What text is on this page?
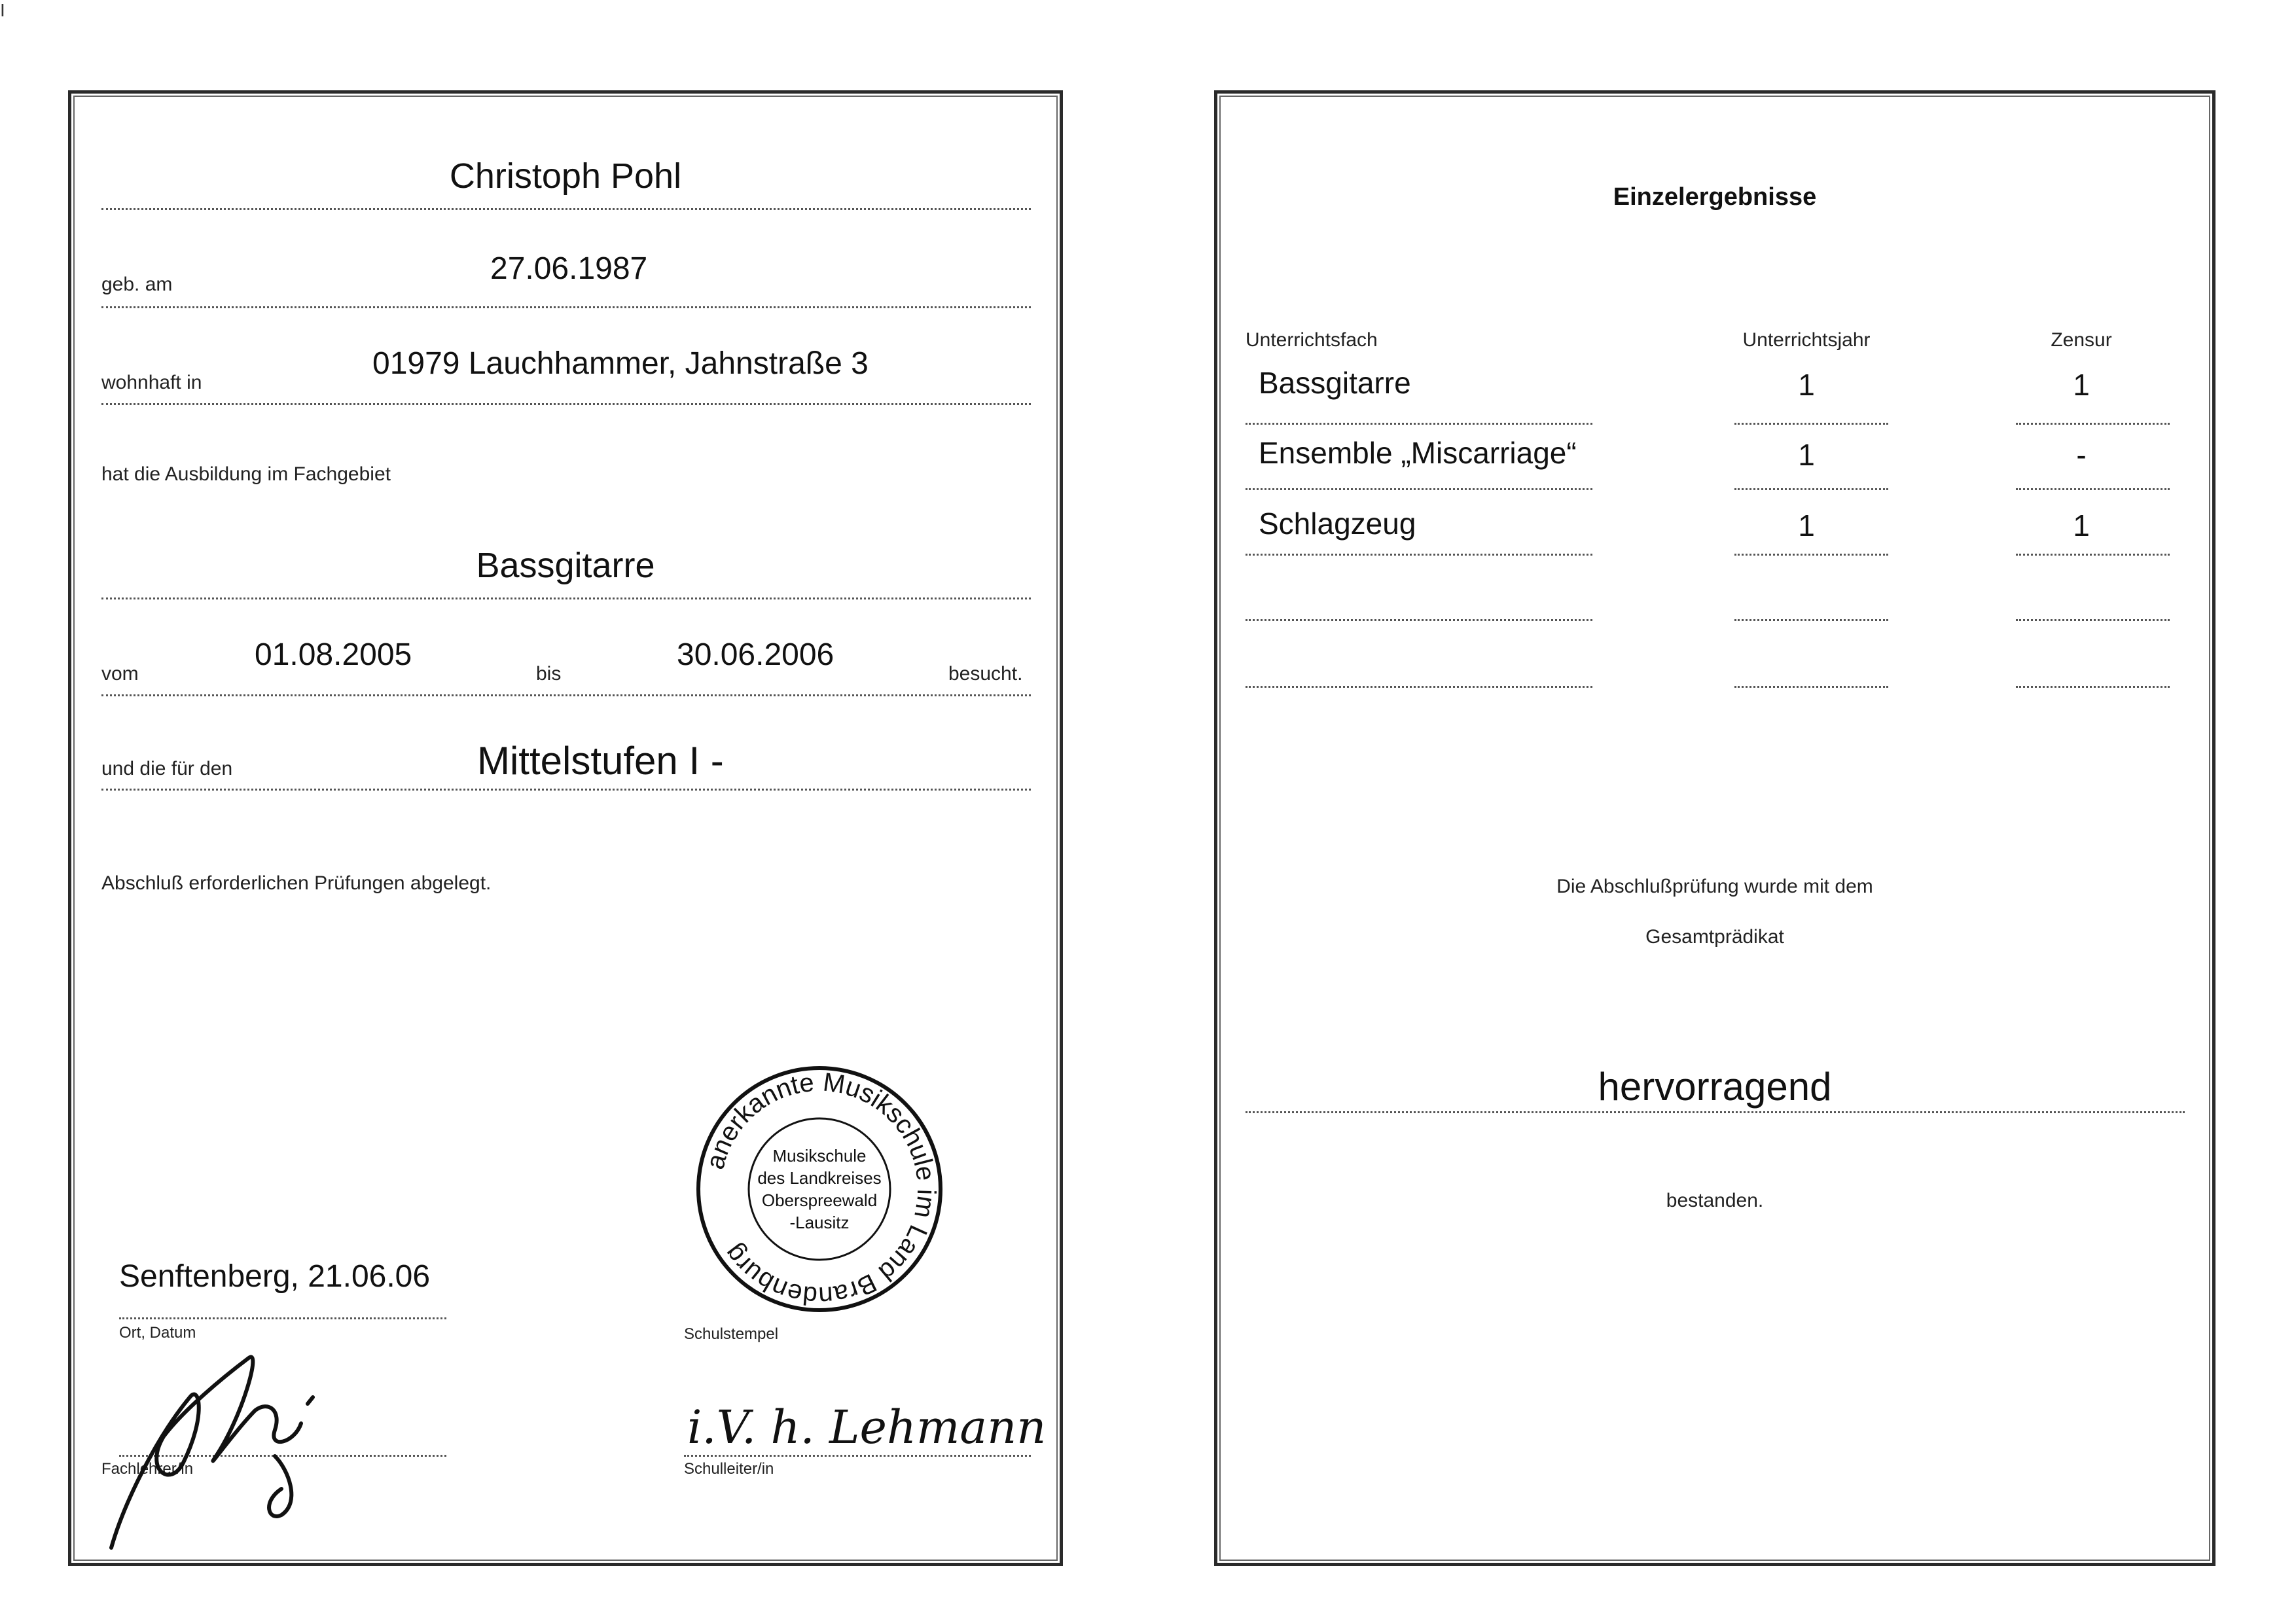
I
Christoph Pohl
geb. am	27.06.1987
wohnhaft in
01979 Lauchhammer, Jahnstraße 3
hat die Ausbildung im Fachgebiet
Bassgitarre
vom
01.08.2005
bis
30.06.2006
besucht.
und die für den	Mittelstufen I -
Abschluß erforderlichen Prüfungen abgelegt.
Senftenberg, 21.06.06
Ort, Datum	Schulstempel
Fachlehrer/in	Schulleiter/in
anerkannte Musikschule im Land Brandenburg
Musikschule
des Landkreises
Oberspreewald
-Lausitz
i.V. h. Lehmann
Einzelergebnisse
Unterrichtsfach	Unterrichtsjahr	Zensur
Bassgitarre	1	1
Ensemble „Miscarriage“	1	-
Schlagzeug	1	1
Die Abschlußprüfung wurde mit dem
Gesamtprädikat
hervorragend
bestanden.
